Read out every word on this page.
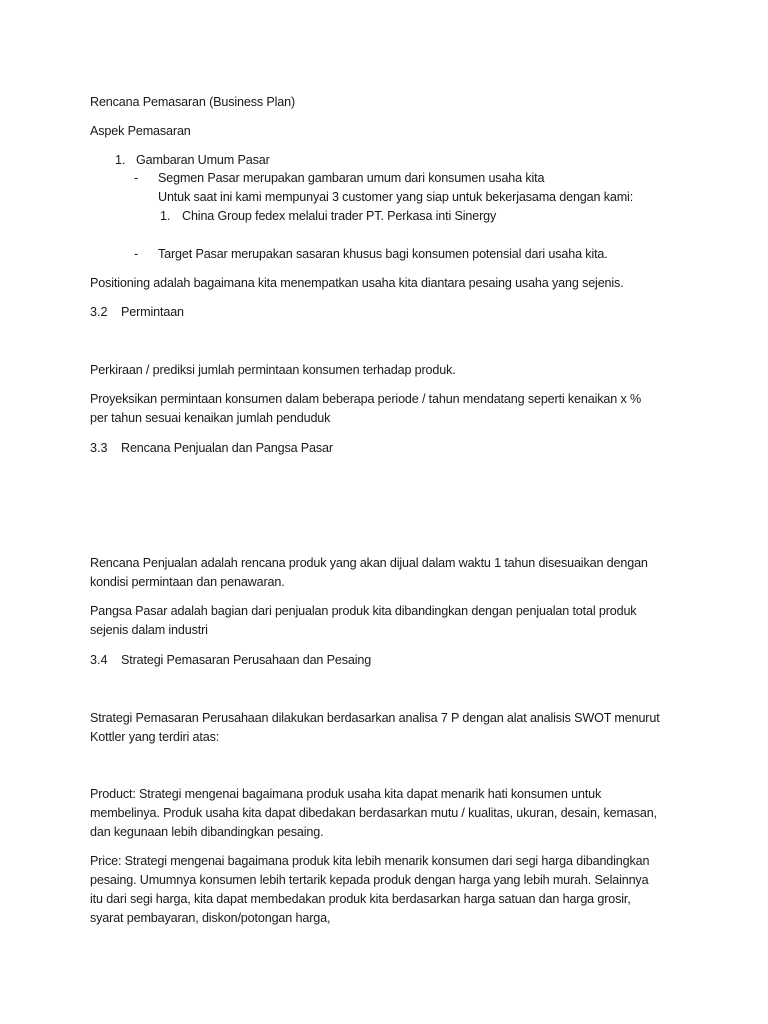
Rencana Pemasaran (Business Plan)
Aspek Pemasaran
1. Gambaran Umum Pasar
- Segmen Pasar merupakan gambaran umum dari konsumen usaha kita
Untuk saat ini kami mempunyai 3 customer yang siap untuk bekerjasama dengan kami:
1. China Group fedex melalui trader PT. Perkasa inti Sinergy
- Target Pasar merupakan sasaran khusus bagi konsumen potensial dari usaha kita.
Positioning adalah bagaimana kita menempatkan usaha kita diantara pesaing usaha yang sejenis.
3.2 Permintaan
Perkiraan / prediksi jumlah permintaan konsumen terhadap produk.
Proyeksikan permintaan konsumen dalam beberapa periode / tahun mendatang seperti kenaikan x %
per tahun sesuai kenaikan jumlah penduduk
3.3 Rencana Penjualan dan Pangsa Pasar
Rencana Penjualan adalah rencana produk yang akan dijual dalam waktu 1 tahun disesuaikan dengan
kondisi permintaan dan penawaran.
Pangsa Pasar adalah bagian dari penjualan produk kita dibandingkan dengan penjualan total produk
sejenis dalam industri
3.4 Strategi Pemasaran Perusahaan dan Pesaing
Strategi Pemasaran Perusahaan dilakukan berdasarkan analisa 7 P dengan alat analisis SWOT menurut
Kottler yang terdiri atas:
Product: Strategi mengenai bagaimana produk usaha kita dapat menarik hati konsumen untuk
membelinya. Produk usaha kita dapat dibedakan berdasarkan mutu / kualitas, ukuran, desain, kemasan,
dan kegunaan lebih dibandingkan pesaing.
Price: Strategi mengenai bagaimana produk kita lebih menarik konsumen dari segi harga dibandingkan
pesaing. Umumnya konsumen lebih tertarik kepada produk dengan harga yang lebih murah. Selainnya
itu dari segi harga, kita dapat membedakan produk kita berdasarkan harga satuan dan harga grosir,
syarat pembayaran, diskon/potongan harga,
